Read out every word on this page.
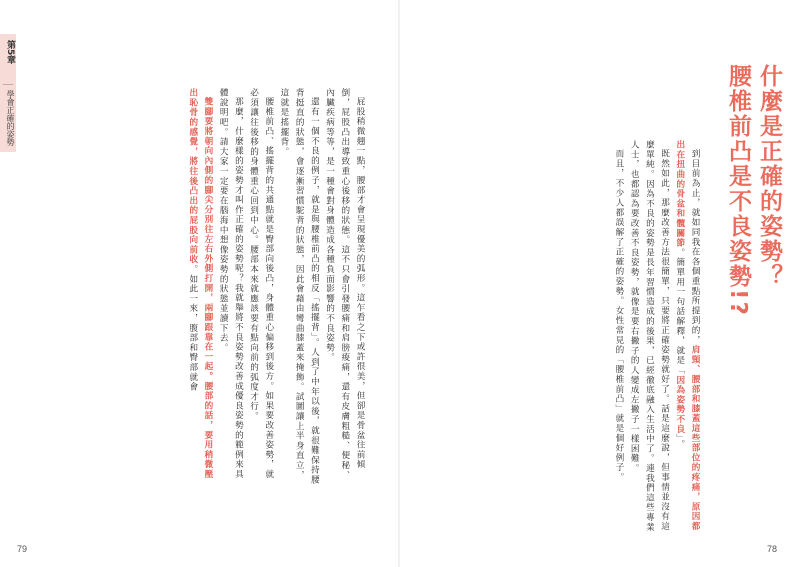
第5章
學會正確的姿勢	屁股稍微翹一點，腰部才會呈現優美的弧形。這乍看之下或許很美，但卻是骨盆往前傾倒，屁股凸出導致重心後移的狀態。這不只會引發腰痛和肩膀痠痛，還有皮膚粗糙、便秘、內臟疾病等等，是一種會對身體造成各種負面影響的不良姿勢。

還有一個不良的例子，就是與腰椎前凸的相反「搖擺背」。人到了中年以後，就很難保持腰背挺直的狀態，會逐漸習慣駝背的狀態，因此會藉由彎曲膝蓋來掩飾。試圖讓上半身直立，這就是搖擺背。

腰椎前凸、搖擺背的共通點就是臀部向後凸，身體重心偏移到後方。如果要改善姿勢，就必須讓往後移的身體重心回到中心。腰部本來就應該要有點向前的弧度才行。

那麼，什麼樣的姿勢才叫作正確的姿勢呢？我就舉將不良姿勢改善成優良姿勢的範例來具體說明吧。請大家一定要在腦海中想像姿勢的狀態並讀下去。

雙腳要將朝向內側的腳尖分別往左右外側打開，兩腳跟靠在一起。腰部的話，要用稍微壓出恥骨的感覺，將往後凸出的屁股向前收。如此一來，腹部和臀部就會

79	78
什麼是正確的姿勢？
腰椎前凸是不良姿勢!?

到目前為止，就如同我在各個重點所提到的，肩頸、腰部和膝蓋這些部位的疼痛，原因都出在扭曲的骨盆和髖關節。簡單用一句話解釋，就是「因為姿勢不良」。

既然如此，那麼改善方法很簡單，只要將正確姿勢就好了。話是這麼說，但事情並沒有這麼單純。因為不良的姿勢是長年習慣造成的後果，已經徹底融入生活中了。連我們這些專業人士，也都認為要改善不良姿勢，就像是要右撇子的人變成左撇子一樣困難。

而且，不少人都誤解了正確的姿勢。女性常見的「腰椎前凸」就是個好例子。
